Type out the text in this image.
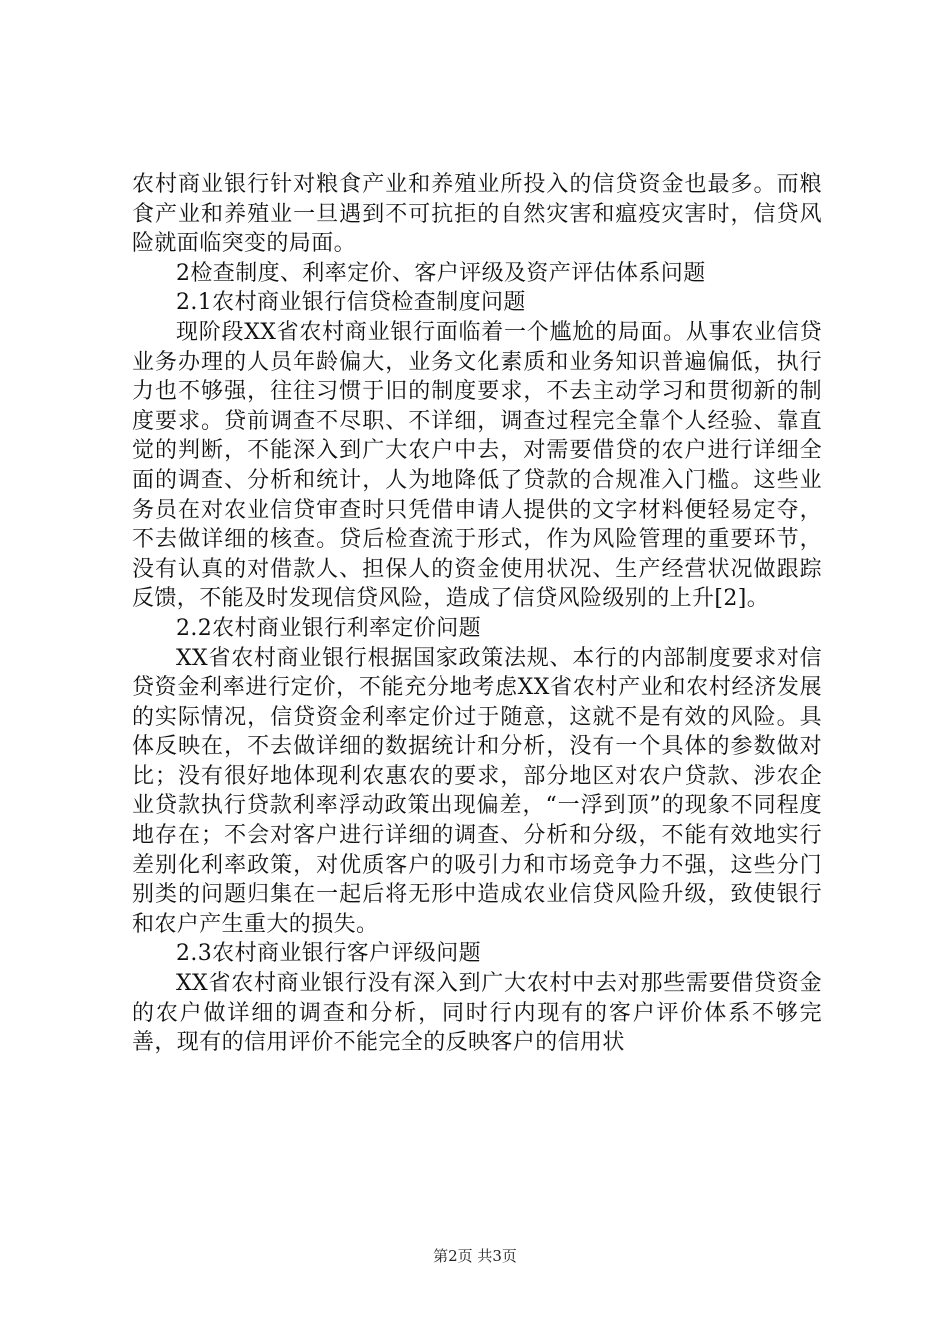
农村商业银行针对粮食产业和养殖业所投入的信贷资金也最多。而粮食产业和养殖业一旦遇到不可抗拒的自然灾害和瘟疫灾害时，信贷风险就面临突变的局面。

2检查制度、利率定价、客户评级及资产评估体系问题

2.1农村商业银行信贷检查制度问题

现阶段XX省农村商业银行面临着一个尴尬的局面。从事农业信贷业务办理的人员年龄偏大，业务文化素质和业务知识普遍偏低，执行力也不够强，往往习惯于旧的制度要求，不去主动学习和贯彻新的制度要求。贷前调查不尽职、不详细，调查过程完全靠个人经验、靠直觉的判断，不能深入到广大农户中去，对需要借贷的农户进行详细全面的调查、分析和统计，人为地降低了贷款的合规准入门槛。这些业务员在对农业信贷审查时只凭借申请人提供的文字材料便轻易定夺，不去做详细的核查。贷后检查流于形式，作为风险管理的重要环节，没有认真的对借款人、担保人的资金使用状况、生产经营状况做跟踪反馈，不能及时发现信贷风险，造成了信贷风险级别的上升[2]。

2.2农村商业银行利率定价问题

XX省农村商业银行根据国家政策法规、本行的内部制度要求对信贷资金利率进行定价，不能充分地考虑XX省农村产业和农村经济发展的实际情况，信贷资金利率定价过于随意，这就不是有效的风险。具体反映在，不去做详细的数据统计和分析，没有一个具体的参数做对比；没有很好地体现利农惠农的要求，部分地区对农户贷款、涉农企业贷款执行贷款利率浮动政策出现偏差，“一浮到顶”的现象不同程度地存在；不会对客户进行详细的调查、分析和分级，不能有效地实行差别化利率政策，对优质客户的吸引力和市场竞争力不强，这些分门别类的问题归集在一起后将无形中造成农业信贷风险升级，致使银行和农户产生重大的损失。

2.3农村商业银行客户评级问题

XX省农村商业银行没有深入到广大农村中去对那些需要借贷资金的农户做详细的调查和分析，同时行内现有的客户评价体系不够完善，现有的信用评价不能完全的反映客户的信用状

第2页 共3页
